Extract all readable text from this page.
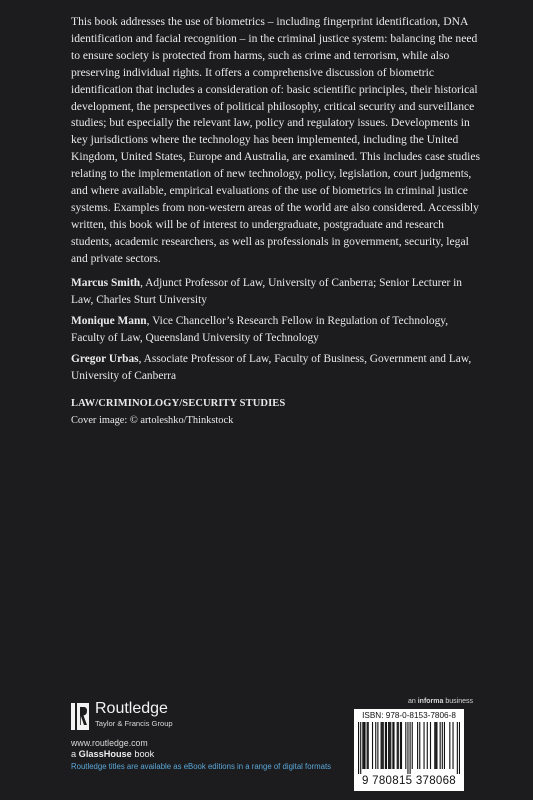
This book addresses the use of biometrics – including fingerprint identification, DNA identification and facial recognition – in the criminal justice system: balancing the need to ensure society is protected from harms, such as crime and terrorism, while also preserving individual rights. It offers a comprehensive discussion of biometric identification that includes a consideration of: basic scientific principles, their historical development, the perspectives of political philosophy, critical security and surveillance studies; but especially the relevant law, policy and regulatory issues. Developments in key jurisdictions where the technology has been implemented, including the United Kingdom, United States, Europe and Australia, are examined. This includes case studies relating to the implementation of new technology, policy, legislation, court judgments, and where available, empirical evaluations of the use of biometrics in criminal justice systems. Examples from non-western areas of the world are also considered. Accessibly written, this book will be of interest to undergraduate, postgraduate and research students, academic researchers, as well as professionals in government, security, legal and private sectors.

Marcus Smith, Adjunct Professor of Law, University of Canberra; Senior Lecturer in Law, Charles Sturt University

Monique Mann, Vice Chancellor’s Research Fellow in Regulation of Technology, Faculty of Law, Queensland University of Technology

Gregor Urbas, Associate Professor of Law, Faculty of Business, Government and Law, University of Canberra

LAW/CRIMINOLOGY/SECURITY STUDIES

Cover image: © artoleshko/Thinkstock

Routledge
Taylor & Francis Group
www.routledge.com
a GlassHouse book
Routledge titles are available as eBook editions in a range of digital formats
an informa business
ISBN: 978-0-8153-7806-8
9 780815 378068
